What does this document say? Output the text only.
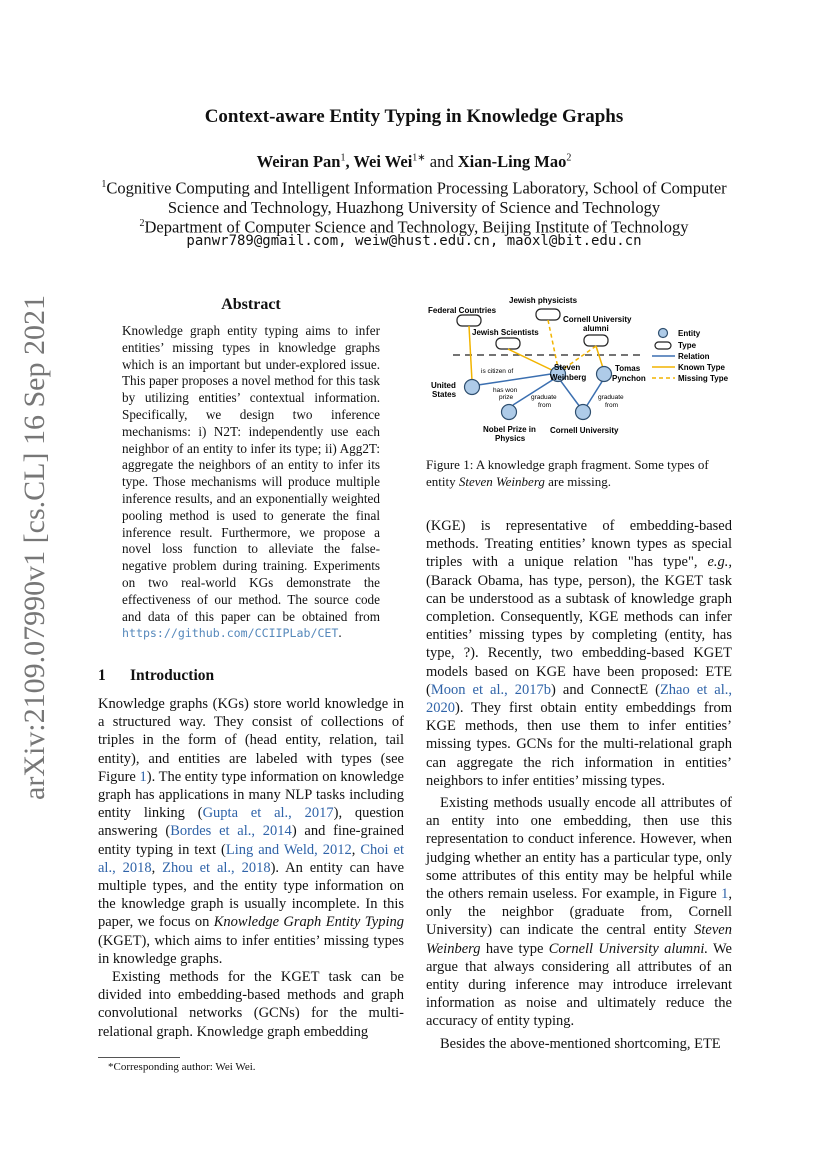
arXiv:2109.07990v1 [cs.CL] 16 Sep 2021
Context-aware Entity Typing in Knowledge Graphs
Weiran Pan$^1$, Wei Wei$^{1∗}$ and Xian-Ling Mao$^2$
$^1$Cognitive Computing and Intelligent Information Processing Laboratory, School of Computer
Science and Technology, Huazhong University of Science and Technology
$^2$Department of Computer Science and Technology, Beijing Institute of Technology
panwr789@gmail.com, weiw@hust.edu.cn, maoxl@bit.edu.cn
Abstract
Knowledge graph entity typing aims to infer entities’ missing types in knowledge graphs which is an important but under-explored issue. This paper proposes a novel method for this task by utilizing entities’ contextual information. Specifically, we design two inference mechanisms: i) N2T: independently use each neighbor of an entity to infer its type; ii) Agg2T: aggregate the neighbors of an entity to infer its type. Those mechanisms will produce multiple inference results, and an exponentially weighted pooling method is used to generate the final inference result. Furthermore, we propose a novel loss function to alleviate the false-negative problem during training. Experiments on two real-world KGs demonstrate the effectiveness of our method. The source code and data of this paper can be obtained from https://github.com/CCIIPLab/CET.
1 Introduction

Knowledge graphs (KGs) store world knowledge in a structured way. They consist of collections of triples in the form of (head entity, relation, tail entity), and entities are labeled with types (see Figure 1). The entity type information on knowledge graph has applications in many NLP tasks including entity linking (Gupta et al., 2017), question answering (Bordes et al., 2014) and fine-grained entity typing in text (Ling and Weld, 2012, Choi et al., 2018, Zhou et al., 2018). An entity can have multiple types, and the entity type information on the knowledge graph is usually incomplete. In this paper, we focus on Knowledge Graph Entity Typing (KGET), which aims to infer entities’ missing types in knowledge graphs.

Existing methods for the KGET task can be divided into embedding-based methods and graph convolutional networks (GCNs) for the multi-relational graph. Knowledge graph embedding

*Corresponding author: Wei Wei.
Federal Countries
Jewish physicists
Jewish Scientists
Cornell University
alumni
United
States
Steven
Weinberg
Tomas
Pynchon
Nobel Prize in
Physics
Cornell University
is citizen of
has won
prize	graduate
from
graduate
from
Entity
Type
Relation
Known Type
Missing Type
Figure 1: A knowledge graph fragment. Some types of entity Steven Weinberg are missing.

(KGE) is representative of embedding-based methods. Treating entities’ known types as special triples with a unique relation "has type", e.g., (Barack Obama, has type, person), the KGET task can be understood as a subtask of knowledge graph completion. Consequently, KGE methods can infer entities’ missing types by completing (entity, has type, ?). Recently, two embedding-based KGET models based on KGE have been proposed: ETE (Moon et al., 2017b) and ConnectE (Zhao et al., 2020). They first obtain entity embeddings from KGE methods, then use them to infer entities’ missing types. GCNs for the multi-relational graph can aggregate the rich information in entities’ neighbors to infer entities’ missing types.

Existing methods usually encode all attributes of an entity into one embedding, then use this representation to conduct inference. However, when judging whether an entity has a particular type, only some attributes of this entity may be helpful while the others remain useless. For example, in Figure 1, only the neighbor (graduate from, Cornell University) can indicate the central entity Steven Weinberg have type Cornell University alumni. We argue that always considering all attributes of an entity during inference may introduce irrelevant information as noise and ultimately reduce the accuracy of entity typing.

Besides the above-mentioned shortcoming, ETE
